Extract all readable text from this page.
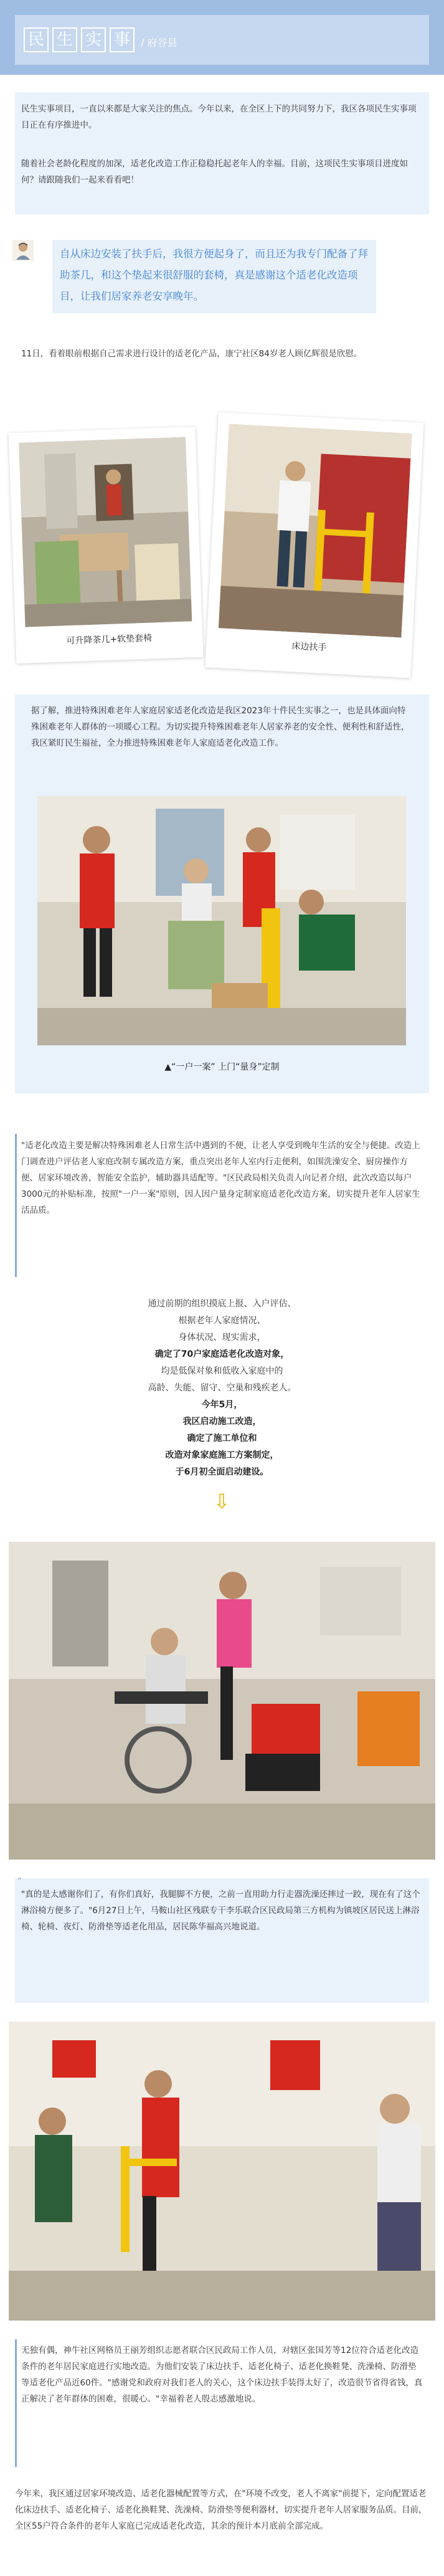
民 生 实 事	/ 府谷县
民生实事项目，一直以来都是大家关注的焦点。今年以来，在全区上下的共同努力下，我区各项民生实事项目正在有序推进中。
随着社会老龄化程度的加深，适老化改造工作正稳稳托起老年人的幸福。目前，这项民生实事项目进度如何？请跟随我们一起来看看吧！
自从床边安装了扶手后，我很方便起身了，而且还为我专门配备了拜助茶几，和这个垫起来很舒服的套椅，真是感谢这个适老化改造项目，让我们居家养老安享晚年。
11日，看着眼前根据自己需求进行设计的适老化产品，康宁社区84岁老人顾亿辉很是欣慰。
可升降茶几+软垫套椅
床边扶手
据了解，推进特殊困难老年人家庭居家适老化改造是我区2023年十件民生实事之一，也是具体面向特殊困难老年人群体的一项暖心工程。为切实提升特殊困难老年人居家养老的安全性、便利性和舒适性，我区紧盯民生福祉，全力推进特殊困难老年人家庭适老化改造工作。
▲“一户一案” 上门“量身”定制
"适老化改造主要是解决特殊困难老人日常生活中遇到的不便，让老人享受到晚年生活的安全与便捷。改造上门调查进户评估老人家庭改制专属改造方案，重点突出老年人室内行走便利，如围洗澡安全、厨房操作方便、居家环境改善，智能安全监护，辅助器具适配等。"区民政局相关负责人向记者介绍，此次改造以每户3000元的补贴标准，按照"一户一案"原则，因人因户量身定制家庭适老化改造方案，切实提升老年人居家生活品质。
通过前期的组织摸底上报、入户评估、
根据老年人家庭情况、
身体状况、现实需求，
确定了70户家庭适老化改造对象，
均是低保对象和低收入家庭中的
高龄、失能、留守、空巢和残疾老人。
今年5月，
我区启动施工改造，
确定了施工单位和
改造对象家庭施工方案制定，
于6月初全面启动建设。
⇩
“
"真的是太感谢你们了，有你们真好，我腿脚不方便，之前一直用助力行走器洗澡还摔过一跤，现在有了这个淋浴椅方便多了。"6月27日上午，马鞍山社区残联专干李乐联合区民政局第三方机构为镇坡区居民送上淋浴椅、轮椅、夜灯、防滑垫等适老化用品，居民陈华福高兴地说道。
无独有偶，神牛社区网格员王丽芳组织志愿者联合区民政局工作人员，对辖区张国芳等12位符合适老化改造条件的老年居民家庭进行实地改造。为他们安装了床边扶手、适老化椅子、适老化换鞋凳、洗澡椅、防滑垫等适老化产品近60件。"感谢党和政府对我们老人的关心，这个床边扶手装得太好了，改造很节省得省钱，真正解决了老年群体的困难，很暖心。"幸福着老人殷志感激地说。
今年来，我区通过居家环境改造、适老化器械配置等方式，在"环境不改变，老人不离家"前提下，定向配置适老化床边扶手、适老化椅子、适老化换鞋凳、洗澡椅、防滑垫等便利器材，切实提升老年人居家服务品质。目前，全区55户符合条件的老年人家庭已完成适老化改造，其余的预计本月底前全部完成。
